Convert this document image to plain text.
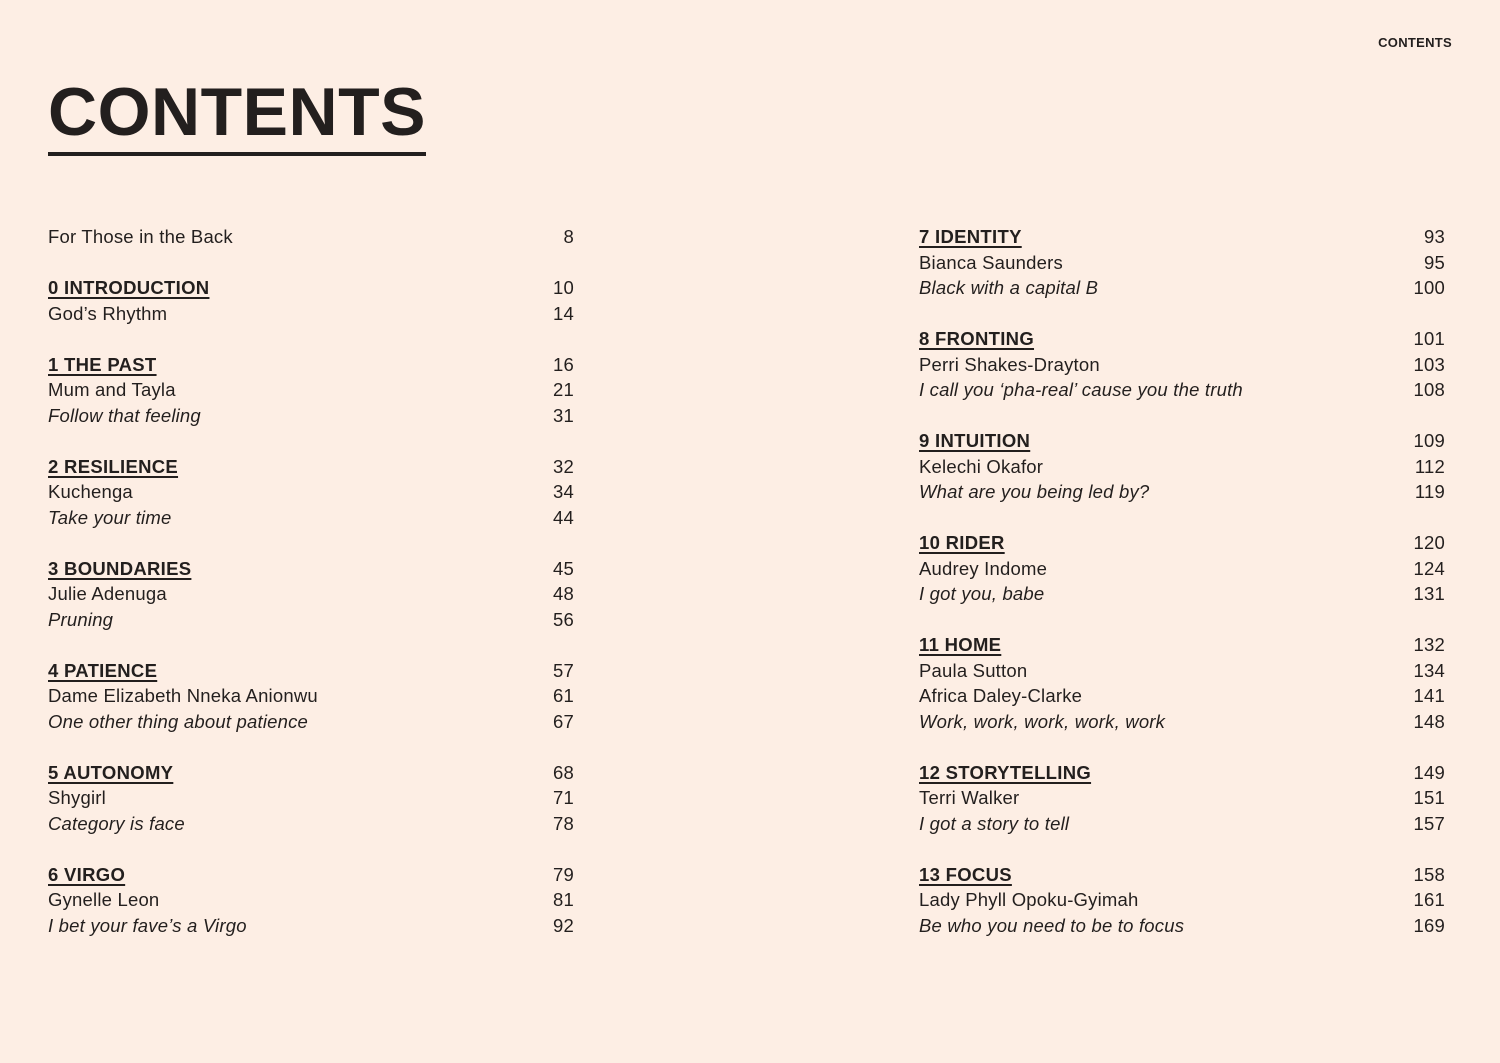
CONTENTS
CONTENTS
For Those in the Back	8
0 INTRODUCTION	10
God’s Rhythm	14
1 THE PAST	16
Mum and Tayla	21
Follow that feeling	31
2 RESILIENCE	32
Kuchenga	34
Take your time	44
3 BOUNDARIES	45
Julie Adenuga	48
Pruning	56
4 PATIENCE	57
Dame Elizabeth Nneka Anionwu	61
One other thing about patience	67
5 AUTONOMY	68
Shygirl	71
Category is face	78
6 VIRGO	79
Gynelle Leon	81
I bet your fave’s a Virgo	92
7 IDENTITY	93
Bianca Saunders	95
Black with a capital B	100
8 FRONTING	101
Perri Shakes-Drayton	103
I call you ‘pha-real’ cause you the truth	108
9 INTUITION	109
Kelechi Okafor	112
What are you being led by?	119
10 RIDER	120
Audrey Indome	124
I got you, babe	131
11 HOME	132
Paula Sutton	134
Africa Daley-Clarke	141
Work, work, work, work, work	148
12 STORYTELLING	149
Terri Walker	151
I got a story to tell	157
13 FOCUS	158
Lady Phyll Opoku-Gyimah	161
Be who you need to be to focus	169
